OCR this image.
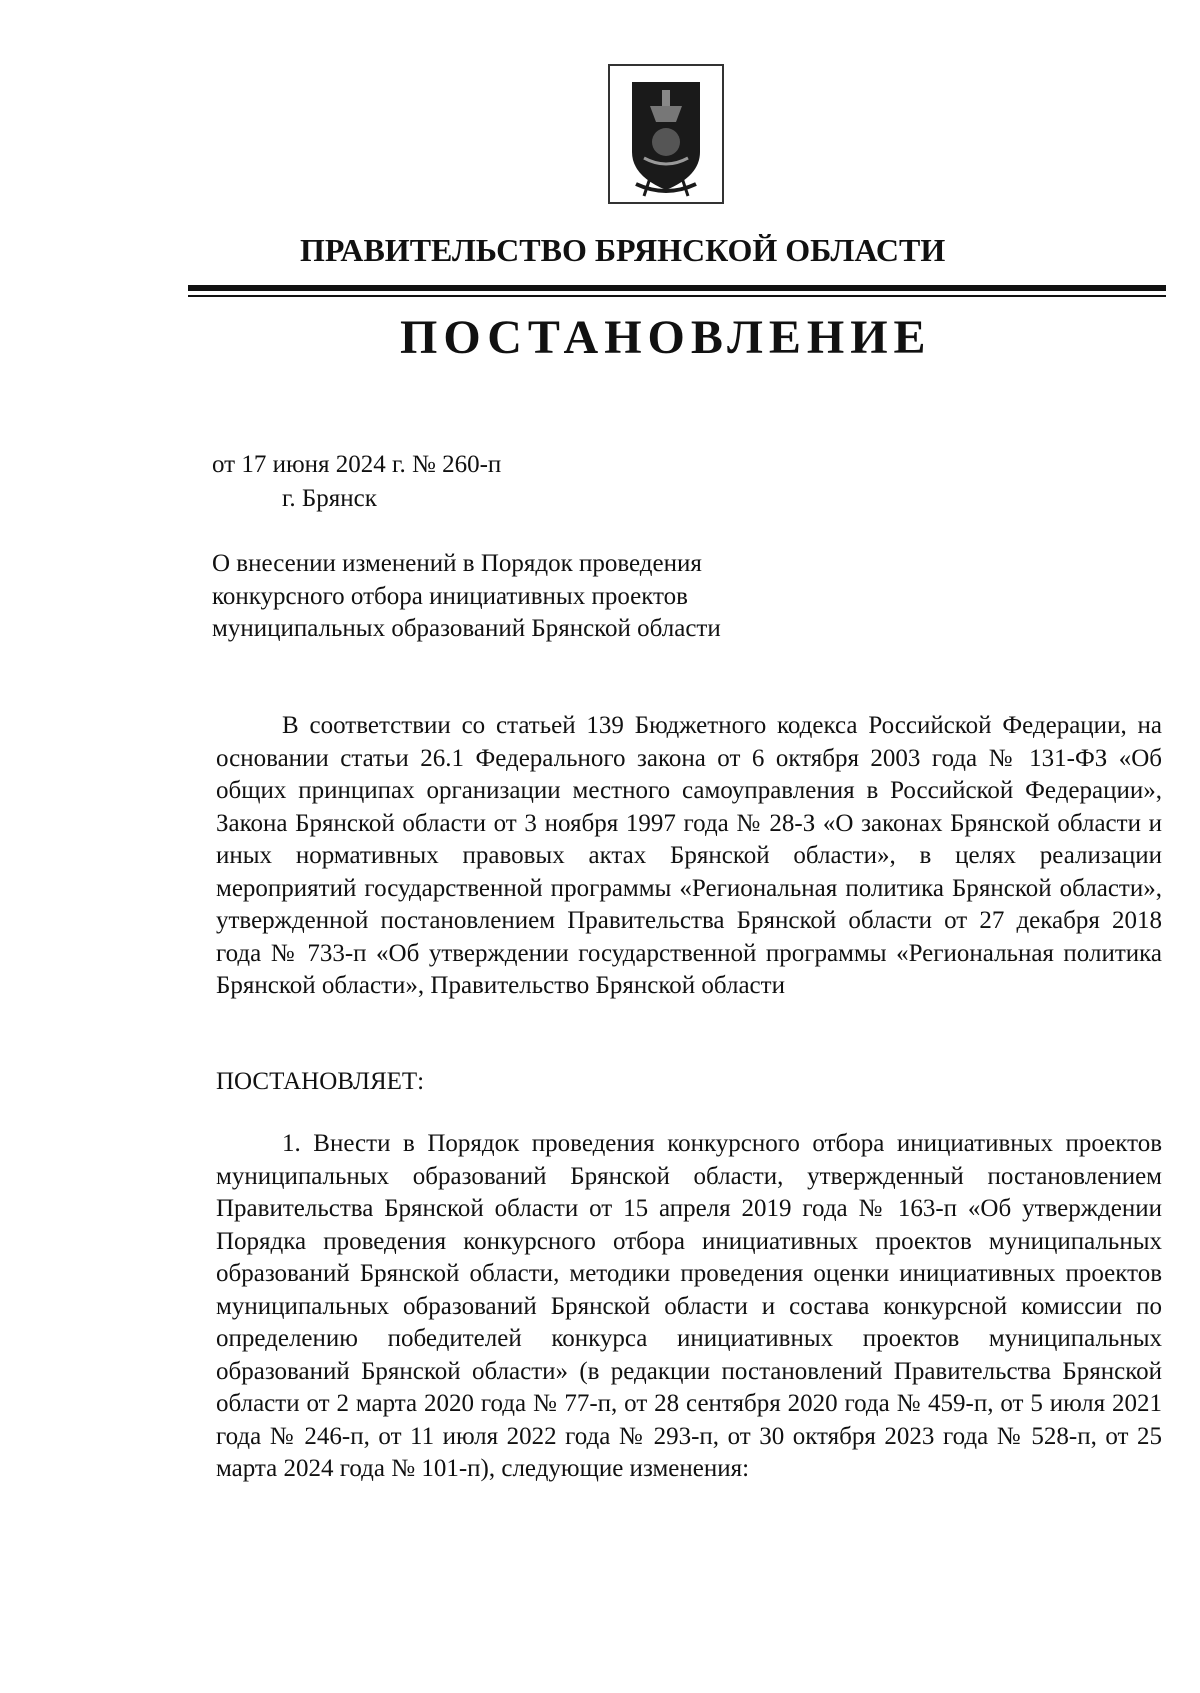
ПРАВИТЕЛЬСТВО БРЯНСКОЙ ОБЛАСТИ
ПОСТАНОВЛЕНИЕ
от 17 июня 2024 г. № 260-п
г. Брянск
О внесении изменений в Порядок проведения
конкурсного отбора инициативных проектов
муниципальных образований Брянской области

В соответствии со статьей 139 Бюджетного кодекса Российской Федерации, на основании статьи 26.1 Федерального закона от 6 октября 2003 года № 131-ФЗ «Об общих принципах организации местного самоуправления в Российской Федерации», Закона Брянской области от 3 ноября 1997 года № 28-З «О законах Брянской области и иных нормативных правовых актах Брянской области», в целях реализации мероприятий государственной программы «Региональная политика Брянской области», утвержденной постановлением Правительства Брянской области от 27 декабря 2018 года № 733-п «Об утверждении государственной программы «Региональная политика Брянской области», Правительство Брянской области

ПОСТАНОВЛЯЕТ:

1. Внести в Порядок проведения конкурсного отбора инициативных проектов муниципальных образований Брянской области, утвержденный постановлением Правительства Брянской области от 15 апреля 2019 года № 163-п «Об утверждении Порядка проведения конкурсного отбора инициативных проектов муниципальных образований Брянской области, методики проведения оценки инициативных проектов муниципальных образований Брянской области и состава конкурсной комиссии по определению победителей конкурса инициативных проектов муниципальных образований Брянской области» (в редакции постановлений Правительства Брянской области от 2 марта 2020 года № 77-п, от 28 сентября 2020 года № 459-п, от 5 июля 2021 года № 246-п, от 11 июля 2022 года № 293-п, от 30 октября 2023 года № 528-п, от 25 марта 2024 года № 101-п), следующие изменения:
